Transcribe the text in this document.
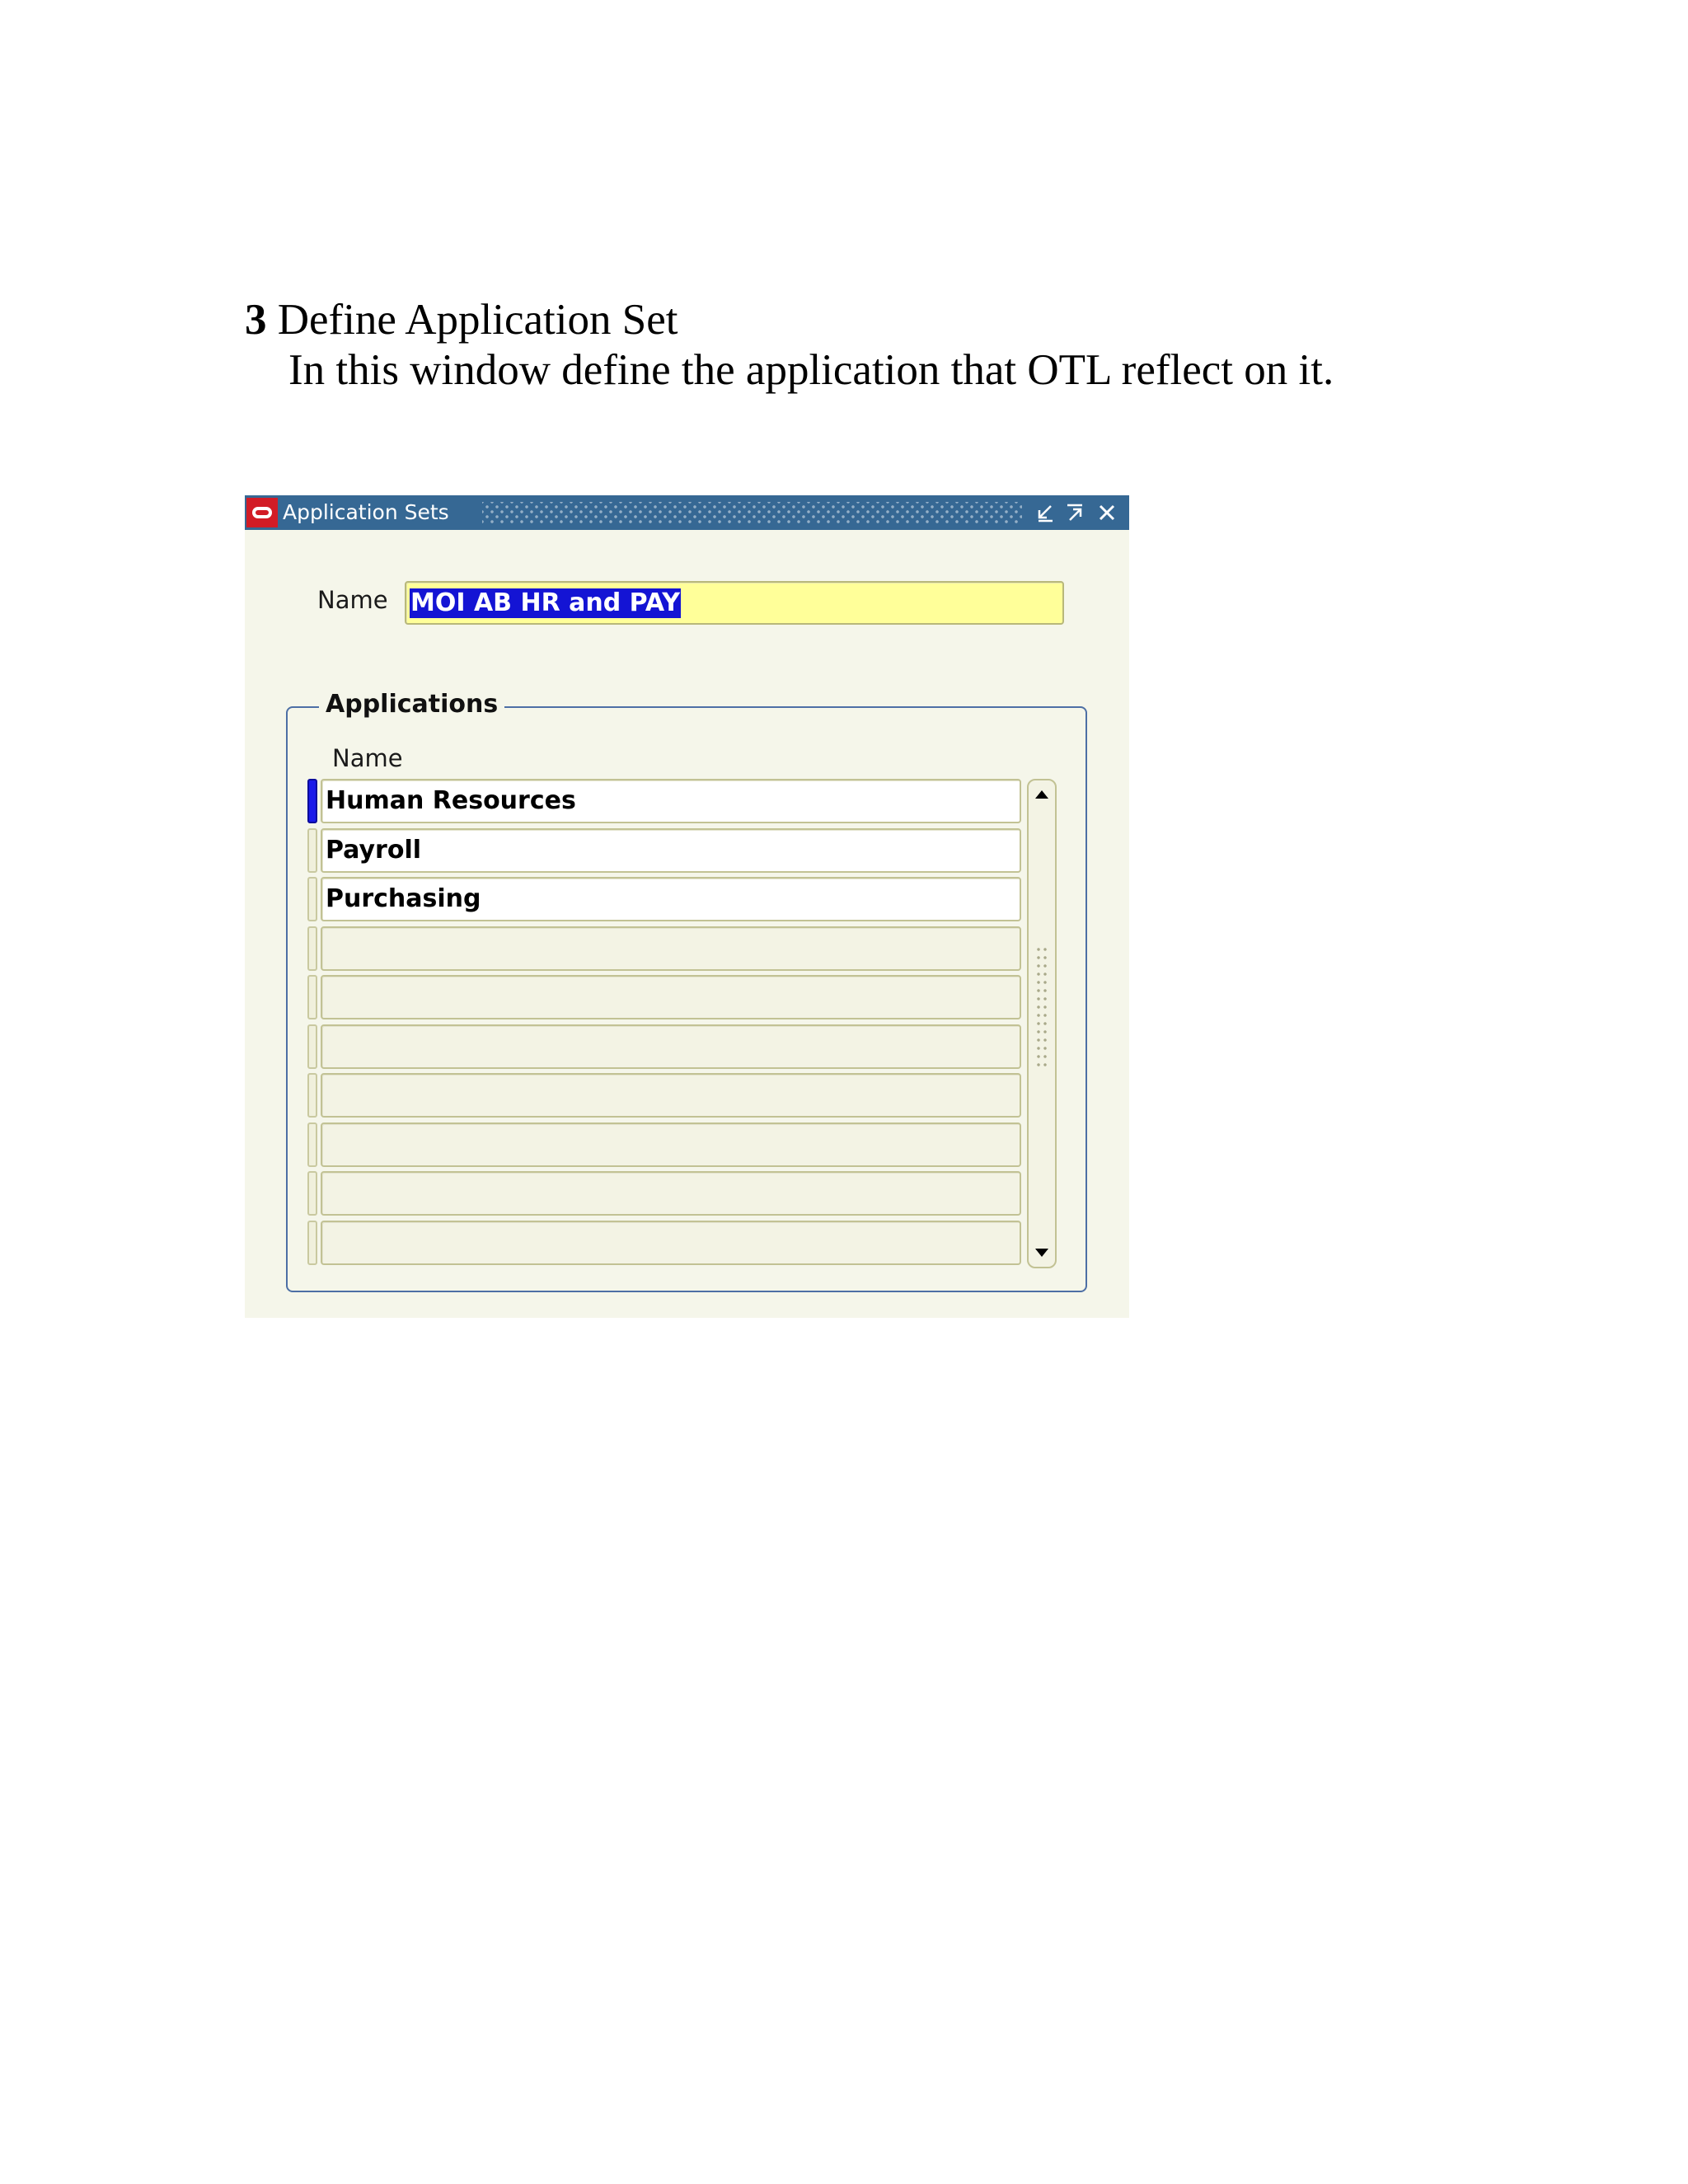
3 Define Application Set

In this window define the application that OTL reflect on it.

Application Sets
Name MOI AB HR and PAY
Applications
Name
Human Resources
Payroll
Purchasing
